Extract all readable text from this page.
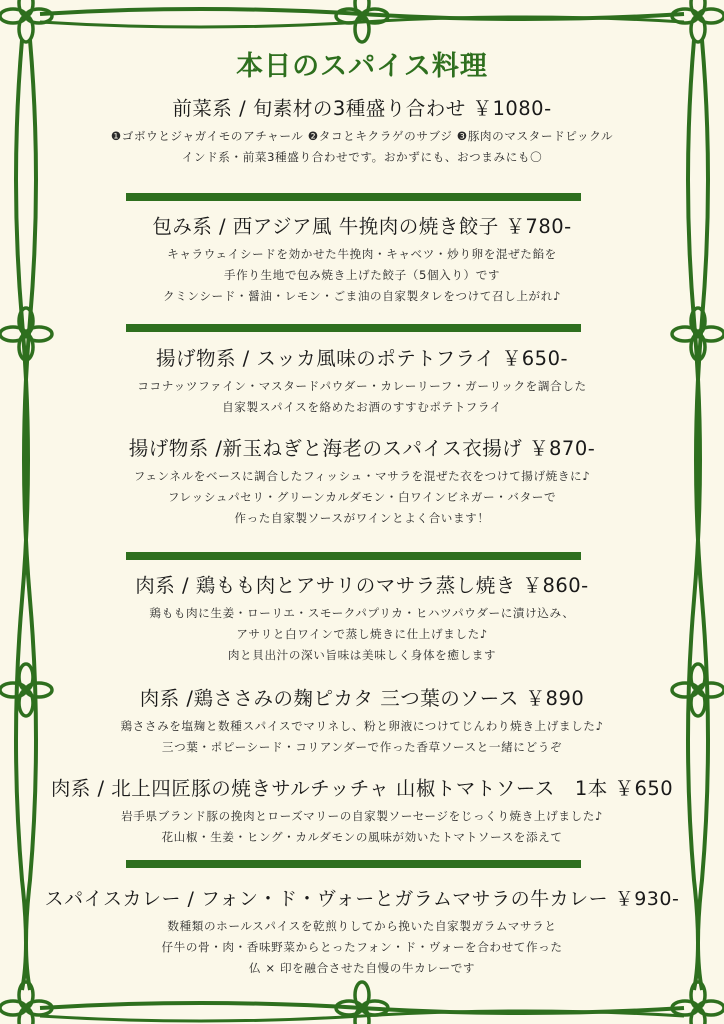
本日のスパイス料理
前菜系 / 旬素材の3種盛り合わせ ￥1080-
❶ゴボウとジャガイモのアチャール ❷タコとキクラゲのサブジ ❸豚肉のマスタードピックル
インド系・前菜3種盛り合わせです。おかずにも、おつまみにも〇
包み系 / 西アジア風 牛挽肉の焼き餃子 ￥780-
キャラウェイシードを効かせた牛挽肉・キャベツ・炒り卵を混ぜた餡を
手作り生地で包み焼き上げた餃子（5個入り）です
クミンシード・醤油・レモン・ごま油の自家製タレをつけて召し上がれ♪
揚げ物系 / スッカ風味のポテトフライ ￥650-
ココナッツファイン・マスタードパウダー・カレーリーフ・ガーリックを調合した
自家製スパイスを絡めたお酒のすすむポテトフライ
揚げ物系 /新玉ねぎと海老のスパイス衣揚げ ￥870-
フェンネルをベースに調合したフィッシュ・マサラを混ぜた衣をつけて揚げ焼きに♪
フレッシュパセリ・グリーンカルダモン・白ワインビネガー・バターで
作った自家製ソースがワインとよく合います！
肉系 / 鶏もも肉とアサリのマサラ蒸し焼き ￥860-
鶏もも肉に生姜・ローリエ・スモークパプリカ・ヒハツパウダーに漬け込み、
アサリと白ワインで蒸し焼きに仕上げました♪
肉と貝出汁の深い旨味は美味しく身体を癒します
肉系 /鶏ささみの麹ピカタ 三つ葉のソース ￥890
鶏ささみを塩麹と数種スパイスでマリネし、粉と卵液につけてじんわり焼き上げました♪
三つ葉・ポピーシード・コリアンダーで作った香草ソースと一緒にどうぞ
肉系 / 北上四匠豚の焼きサルチッチャ 山椒トマトソース　1本 ￥650
岩手県ブランド豚の挽肉とローズマリーの自家製ソーセージをじっくり焼き上げました♪
花山椒・生姜・ヒング・カルダモンの風味が効いたトマトソースを添えて
スパイスカレー / フォン・ド・ヴォーとガラムマサラの牛カレー ￥930-
数種類のホールスパイスを乾煎りしてから挽いた自家製ガラムマサラと
仔牛の骨・肉・香味野菜からとったフォン・ド・ヴォーを合わせて作った
仏 × 印を融合させた自慢の牛カレーです
